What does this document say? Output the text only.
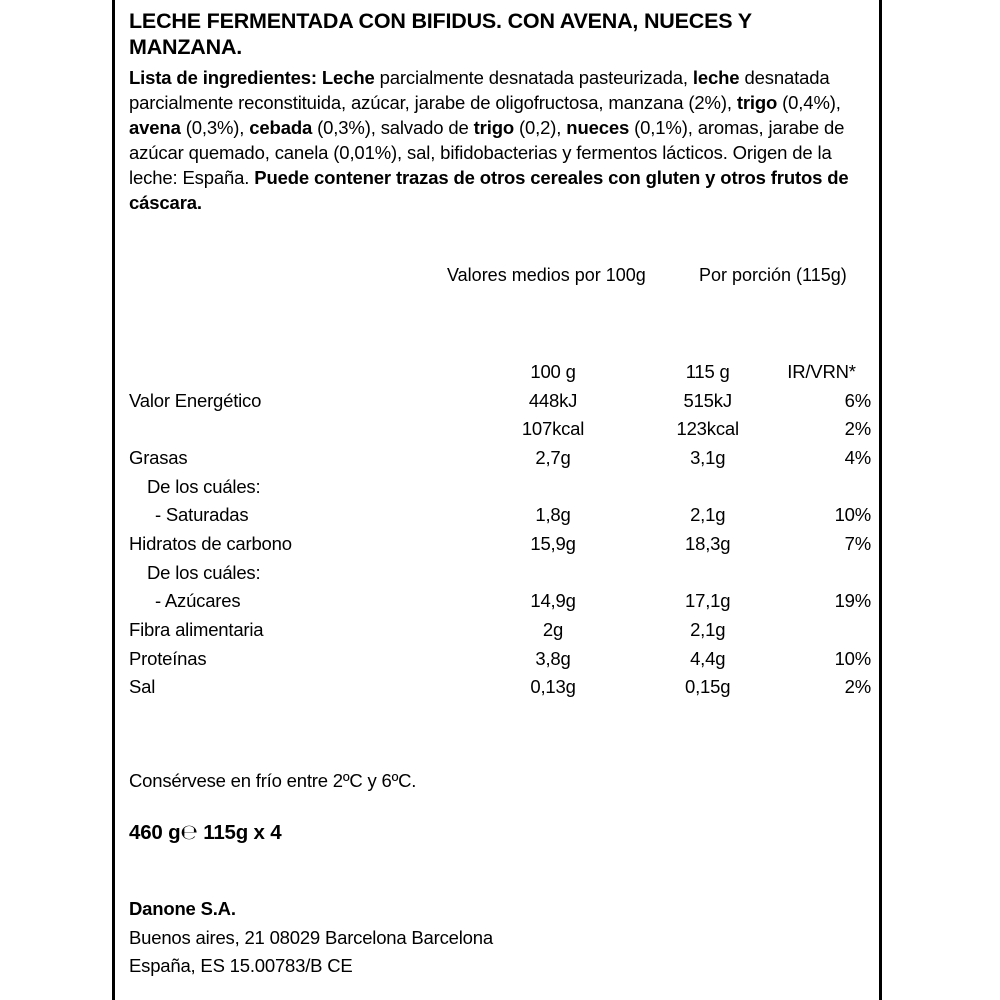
LECHE FERMENTADA CON BIFIDUS. CON AVENA, NUECES Y MANZANA.

Lista de ingredientes: Leche parcialmente desnatada pasteurizada, leche desnatada parcialmente reconstituida, azúcar, jarabe de oligofructosa, manzana (2%), trigo (0,4%), avena (0,3%), cebada (0,3%), salvado de trigo (0,2), nueces (0,1%), aromas, jarabe de azúcar quemado, canela (0,01%), sal, bifidobacterias y fermentos lácticos. Origen de la leche: España. Puede contener trazas de otros cereales con gluten y otros frutos de cáscara.

Valores medios por 100g	Por porción (115g)
	100 g	115 g	IR/VRN*
Valor Energético	448kJ	515kJ	6%
	107kcal	123kcal	2%
Grasas	2,7g	3,1g	4%
De los cuáles:			
- Saturadas	1,8g	2,1g	10%
Hidratos de carbono	15,9g	18,3g	7%
De los cuáles:			
- Azúcares	14,9g	17,1g	19%
Fibra alimentaria	2g	2,1g	
Proteínas	3,8g	4,4g	10%
Sal	0,13g	0,15g	2%
Consérvese en frío entre 2ºC y 6ºC.
460 g℮ 115g x 4
Danone S.A.
Buenos aires, 21 08029 Barcelona Barcelona
España, ES 15.00783/B CE
